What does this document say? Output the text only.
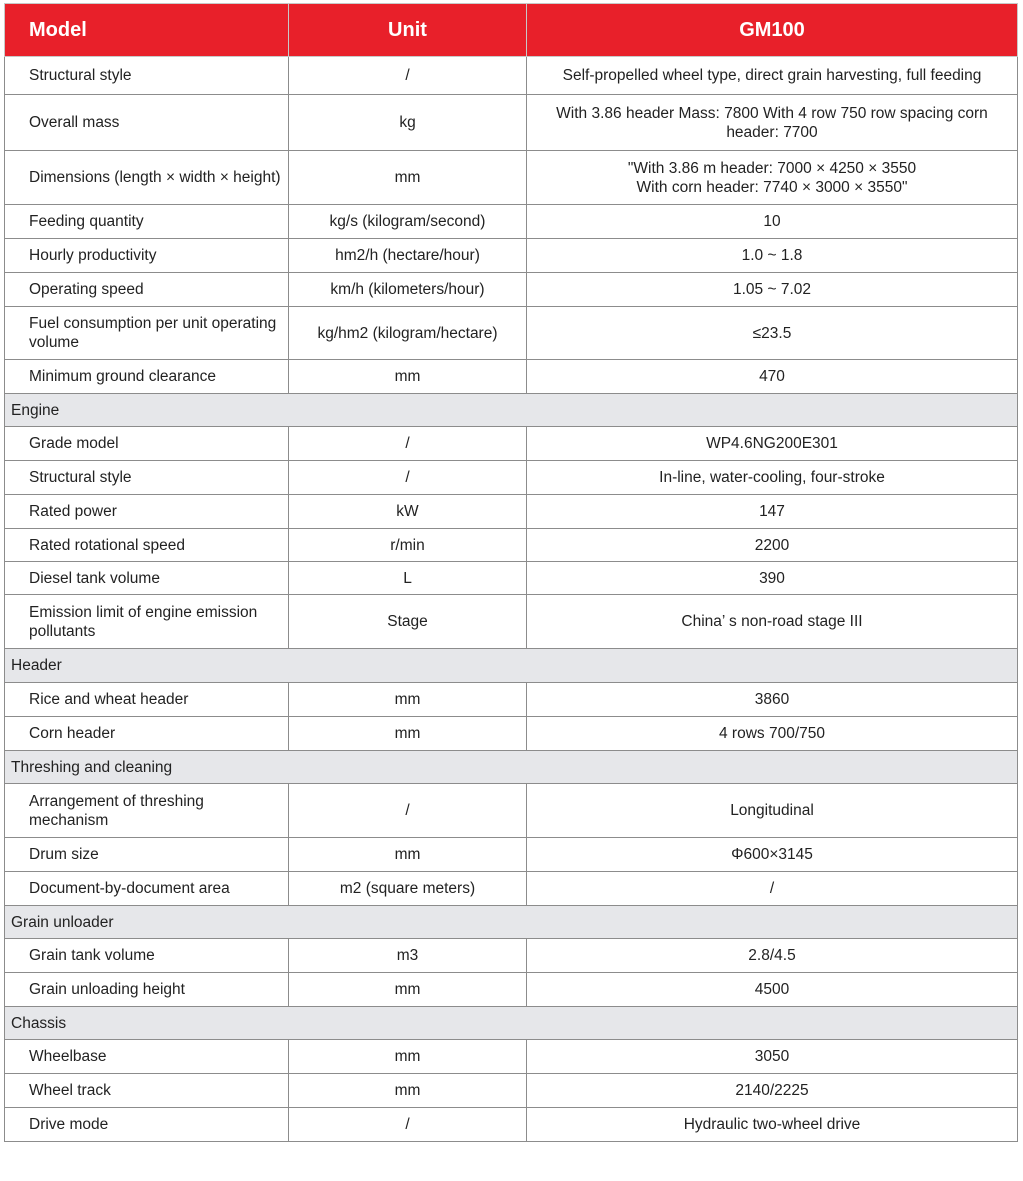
Model	Unit	GM100
Structural style	/	Self-propelled wheel type, direct grain harvesting, full feeding
Overall mass	kg	With 3.86 header Mass: 7800 With 4 row 750 row spacing corn header: 7700
Dimensions (length × width × height)	mm	"With 3.86 m header: 7000 × 4250 × 3550
With corn header: 7740 × 3000 × 3550"
Feeding quantity	kg/s (kilogram/second)	10
Hourly productivity	hm2/h (hectare/hour)	1.0 ~ 1.8
Operating speed	km/h (kilometers/hour)	1.05 ~ 7.02
Fuel consumption per unit operating volume	kg/hm2 (kilogram/hectare)	≤23.5
Minimum ground clearance	mm	470
Engine		
Grade model	/	WP4.6NG200E301
Structural style	/	In-line, water-cooling, four-stroke
Rated power	kW	147
Rated rotational speed	r/min	2200
Diesel tank volume	L	390
Emission limit of engine emission pollutants	Stage	China’ s non-road stage III
Header		
Rice and wheat header	mm	3860
Corn header	mm	4 rows 700/750
Threshing and cleaning		
Arrangement of threshing mechanism	/	Longitudinal
Drum size	mm	Φ600×3145
Document-by-document area	m2 (square meters)	/
Grain unloader		
Grain tank volume	m3	2.8/4.5
Grain unloading height	mm	4500
Chassis		
Wheelbase	mm	3050
Wheel track	mm	2140/2225
Drive mode	/	Hydraulic two-wheel drive
